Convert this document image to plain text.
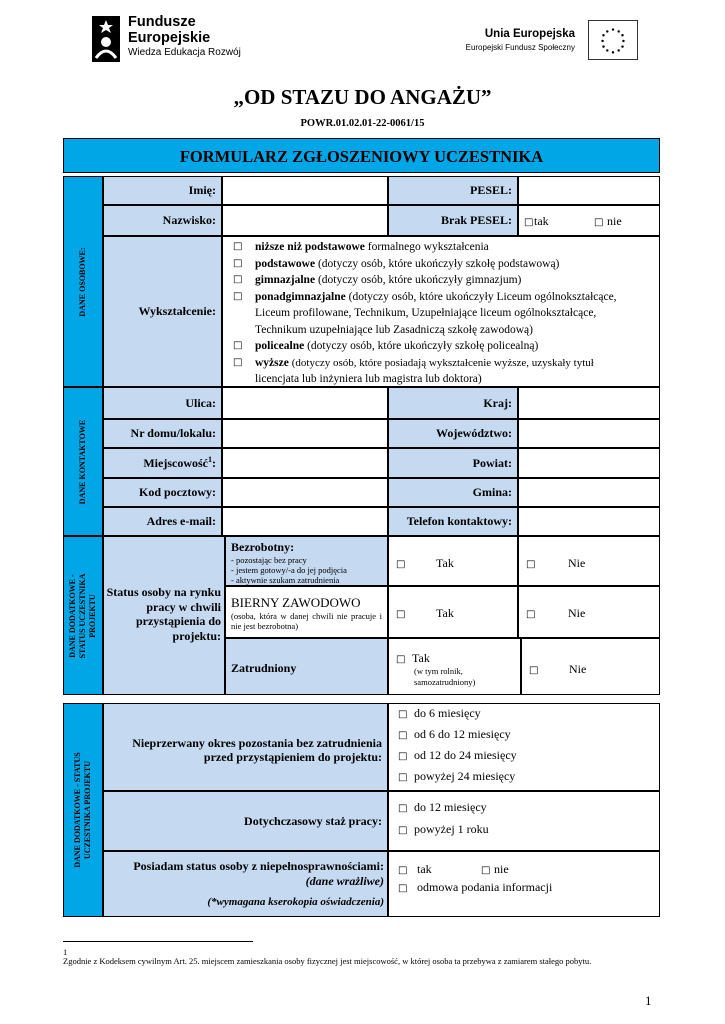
Fundusze
Europejskie
Wiedza Edukacja Rozwój
Unia Europejska
Europejski Fundusz Społeczny
„OD STAZU DO ANGAŻU”
POWR.01.02.01-22-0061/15
FORMULARZ ZGŁOSZENIOWY UCZESTNIKA
DANE OSOBOWE:
Imię:	PESEL:
Nazwisko:	Brak PESEL: □tak	□ nie
Wykształcenie:
□	niższe niż podstawowe
formalnego wykształcenia
□	podstawowe
(dotyczy osób, które ukończyły szkołę podstawową)
□	gimnazjalne
(dotyczy osób, które ukończyły gimnazjum)
□	ponadgimnazjalne
(dotyczy osób, które ukończyły Liceum ogólnokształcące,
Liceum profilowane, Technikum, Uzupełniające liceum ogólnokształcące,
Technikum uzupełniające lub Zasadniczą szkołę zawodową)
□	policealne
(dotyczy osób, które ukończyły szkołę policealną)
□	wyższe
(dotyczy osób, które posiadają wykształcenie wyższe, uzyskały tytuł
licencjata lub inżyniera lub magistra lub doktora)
DANE KONTAKTOWE
Ulica:	Kraj:
Nr domu/lokalu:	Województwo:
Miejscowość$^1$:	Powiat:
Kod pocztowy:	Gmina:
Adres e-mail:	Telefon kontaktowy:
DANE DODATKOWE - STATUS UCZESTNIKA PROJEKTU
Status osoby na rynku
pracy w chwili
przystąpienia do
projektu:
Bezrobotny:
- pozostając bez pracy
- jestem gotowy/-a do jej podjęcia
- aktywnie szukam zatrudnienia
□	Tak	□	Nie
BIERNY ZAWODOWO
(osoba, która w danej chwili nie pracuje i nie jest bezrobotna)
□	Tak	□	Nie
Zatrudniony
□ Tak
(w tym rolnik,
samozatrudniony)
□	Nie
DANE DODATKOWE - STATUS UCZESTNIKA PROJEKTU
Nieprzerwany okres pozostania bez zatrudnienia
przed przystąpieniem do projektu:
□ do 6 miesięcy
□ od 6 do 12 miesięcy
□ od 12 do 24 miesięcy
□ powyżej 24 miesięcy
Dotychczasowy staż pracy:
□ do 12 miesięcy
□ powyżej 1 roku
Posiadam status osoby z niepełnosprawnościami:
(dane wrażliwe)
(*wymagana kserokopia oświadczenia)
□ tak	□ nie
□ odmowa podania informacji
1
Zgodnie z Kodeksem cywilnym Art. 25. miejscem zamieszkania osoby fizycznej jest miejscowość, w której osoba ta przebywa z zamiarem stałego pobytu.
1
